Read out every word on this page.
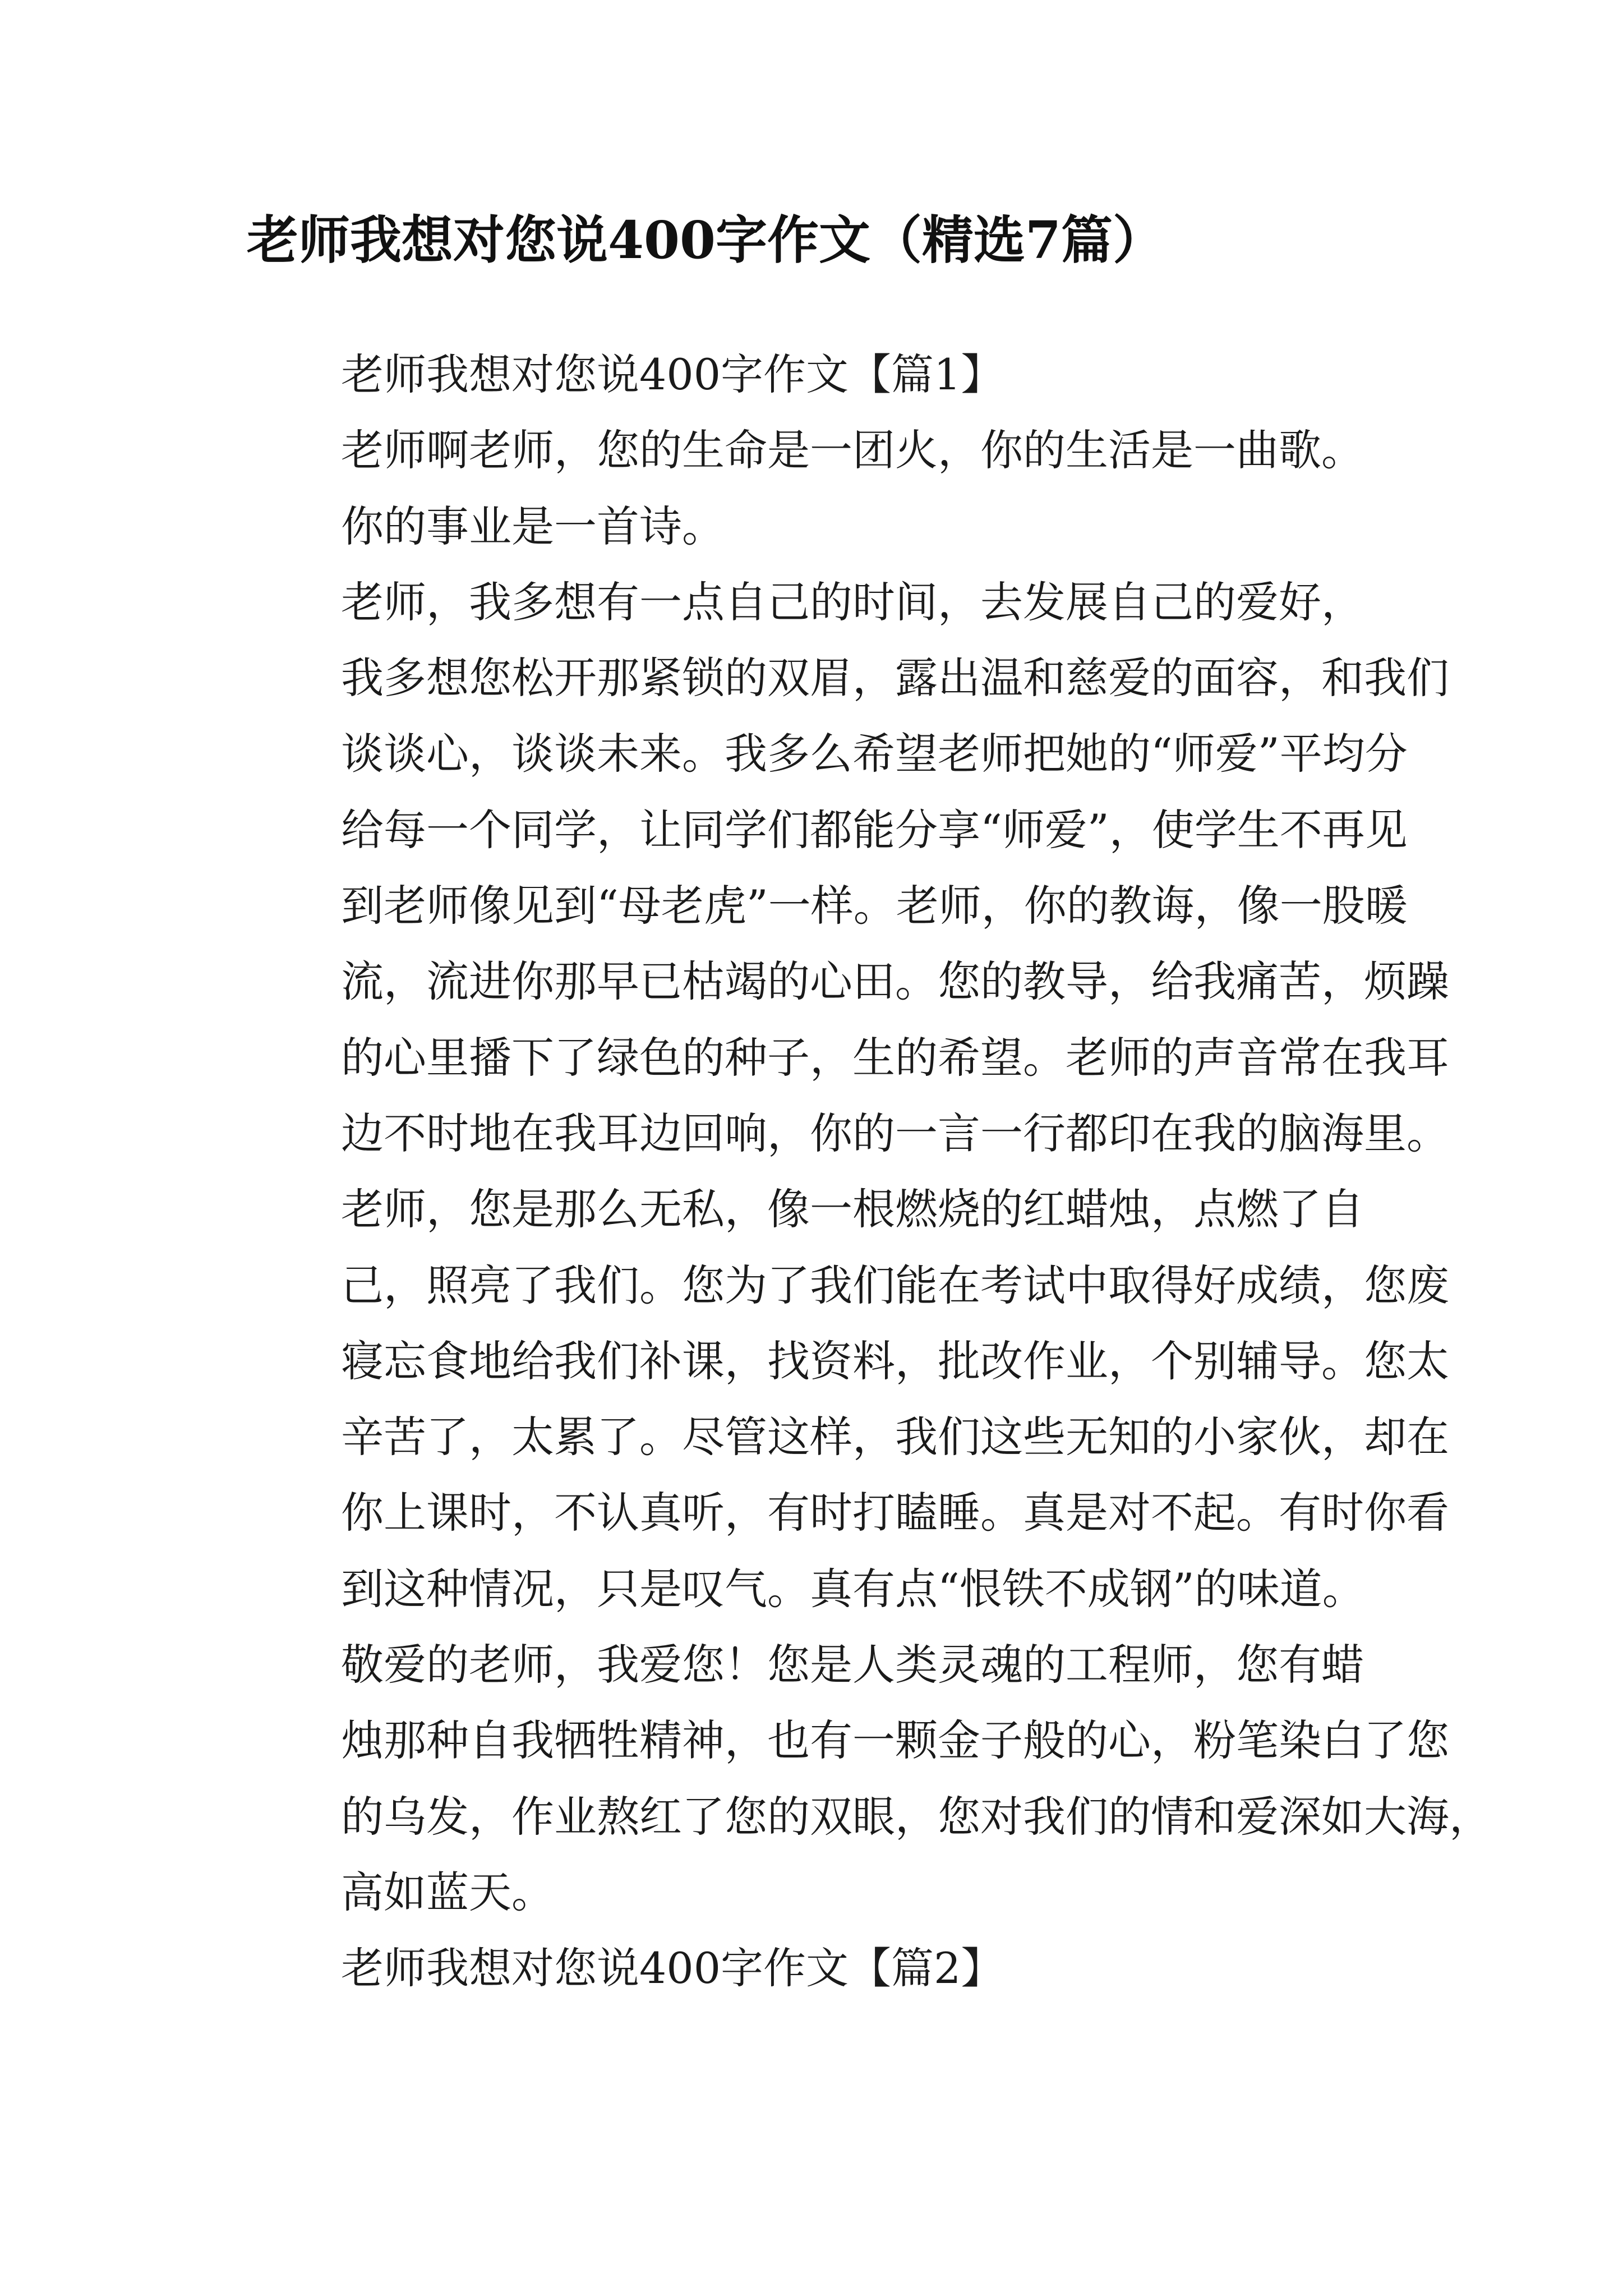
老师我想对您说400字作文（精选7篇）

老师我想对您说400字作文【篇1】

老师啊老师，您的生命是一团火，你的生活是一曲歌。
你的事业是一首诗。

老师，我多想有一点自己的时间，去发展自己的爱好，
我多想您松开那紧锁的双眉，露出温和慈爱的面容，和我们
谈谈心，谈谈未来。我多么希望老师把她的“师爱”平均分
给每一个同学，让同学们都能分享“师爱”，使学生不再见
到老师像见到“母老虎”一样。老师，你的教诲，像一股暖
流，流进你那早已枯竭的心田。您的教导，给我痛苦，烦躁
的心里播下了绿色的种子，生的希望。老师的声音常在我耳
边不时地在我耳边回响，你的一言一行都印在我的脑海里。

老师，您是那么无私，像一根燃烧的红蜡烛，点燃了自
己，照亮了我们。您为了我们能在考试中取得好成绩，您废
寝忘食地给我们补课，找资料，批改作业，个别辅导。您太
辛苦了，太累了。尽管这样，我们这些无知的小家伙，却在
你上课时，不认真听，有时打瞌睡。真是对不起。有时你看
到这种情况，只是叹气。真有点“恨铁不成钢”的味道。

敬爱的老师，我爱您！您是人类灵魂的工程师，您有蜡
烛那种自我牺牲精神，也有一颗金子般的心，粉笔染白了您
的乌发，作业熬红了您的双眼，您对我们的情和爱深如大海，
高如蓝天。

老师我想对您说400字作文【篇2】
